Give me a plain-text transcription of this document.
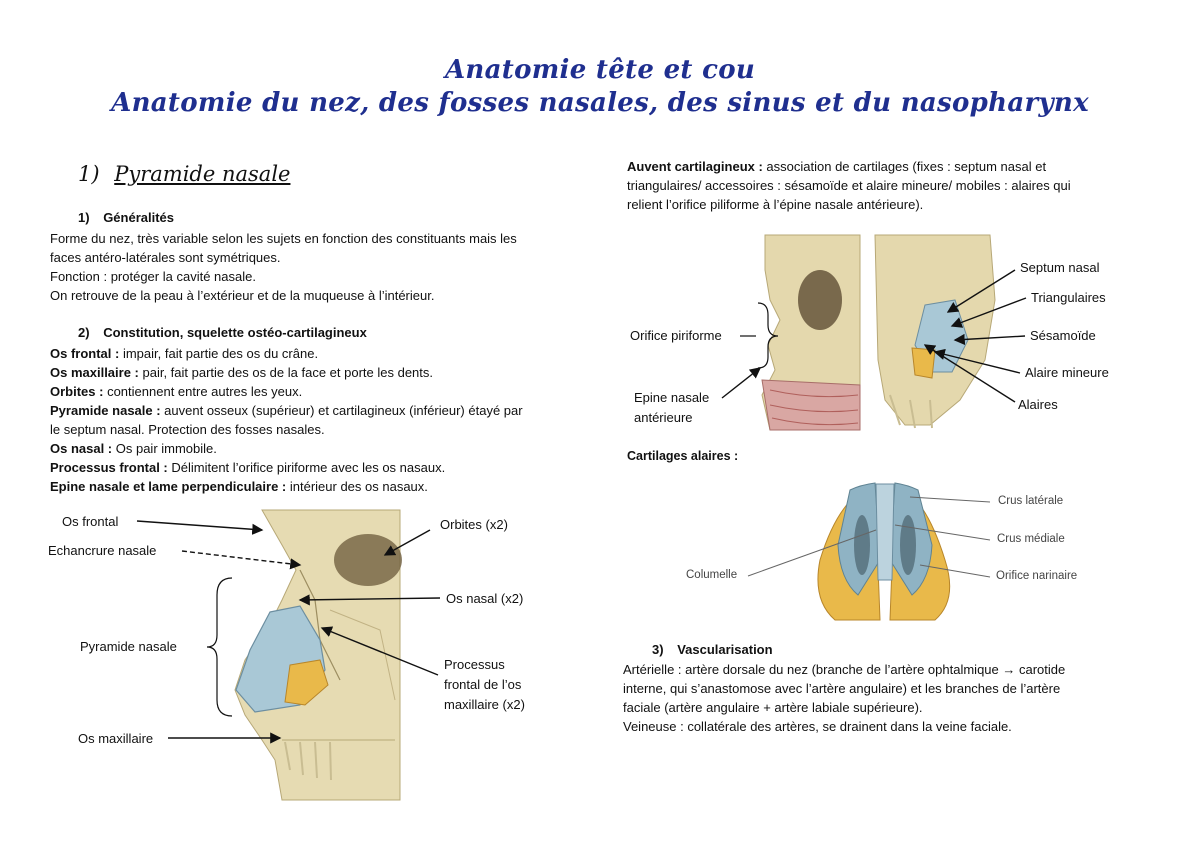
Anatomie tête et cou
Anatomie du nez, des fosses nasales, des sinus et du nasopharynx
1) Pyramide nasale
1) Généralités
Forme du nez, très variable selon les sujets en fonction des constituants mais les
faces antéro-latérales sont symétriques.
Fonction : protéger la cavité nasale.
On retrouve de la peau à l’extérieur et de la muqueuse à l’intérieur.
2) Constitution, squelette ostéo-cartilagineux
Os frontal : impair, fait partie des os du crâne.
Os maxillaire : pair, fait partie des os de la face et porte les dents.
Orbites : contiennent entre autres les yeux.
Pyramide nasale : auvent osseux (supérieur) et cartilagineux (inférieur) étayé par
le septum nasal. Protection des fosses nasales.
Os nasal : Os pair immobile.
Processus frontal : Délimitent l’orifice piriforme avec les os nasaux.
Epine nasale et lame perpendiculaire : intérieur des os nasaux.
Os frontal
Echancrure nasale
Pyramide nasale
Os maxillaire
Orbites (x2)
Os nasal (x2)
Processus
frontal de l’os
maxillaire (x2)
Auvent cartilagineux : association de cartilages (fixes : septum nasal et
triangulaires/ accessoires : sésamoïde et alaire mineure/ mobiles : alaires qui
relient l’orifice piliforme à l’épine nasale antérieure).
Orifice piriforme
Epine nasale
antérieure
Septum nasal
Triangulaires
Sésamoïde
Alaire mineure
Alaires
Cartilages alaires :
Crus latérale
Crus médiale
Columelle	Orifice narinaire
3) Vascularisation
Artérielle : artère dorsale du nez (branche de l’artère ophtalmique → carotide
interne, qui s’anastomose avec l’artère angulaire) et les branches de l’artère
faciale (artère angulaire + artère labiale supérieure).
Veineuse : collatérale des artères, se drainent dans la veine faciale.
